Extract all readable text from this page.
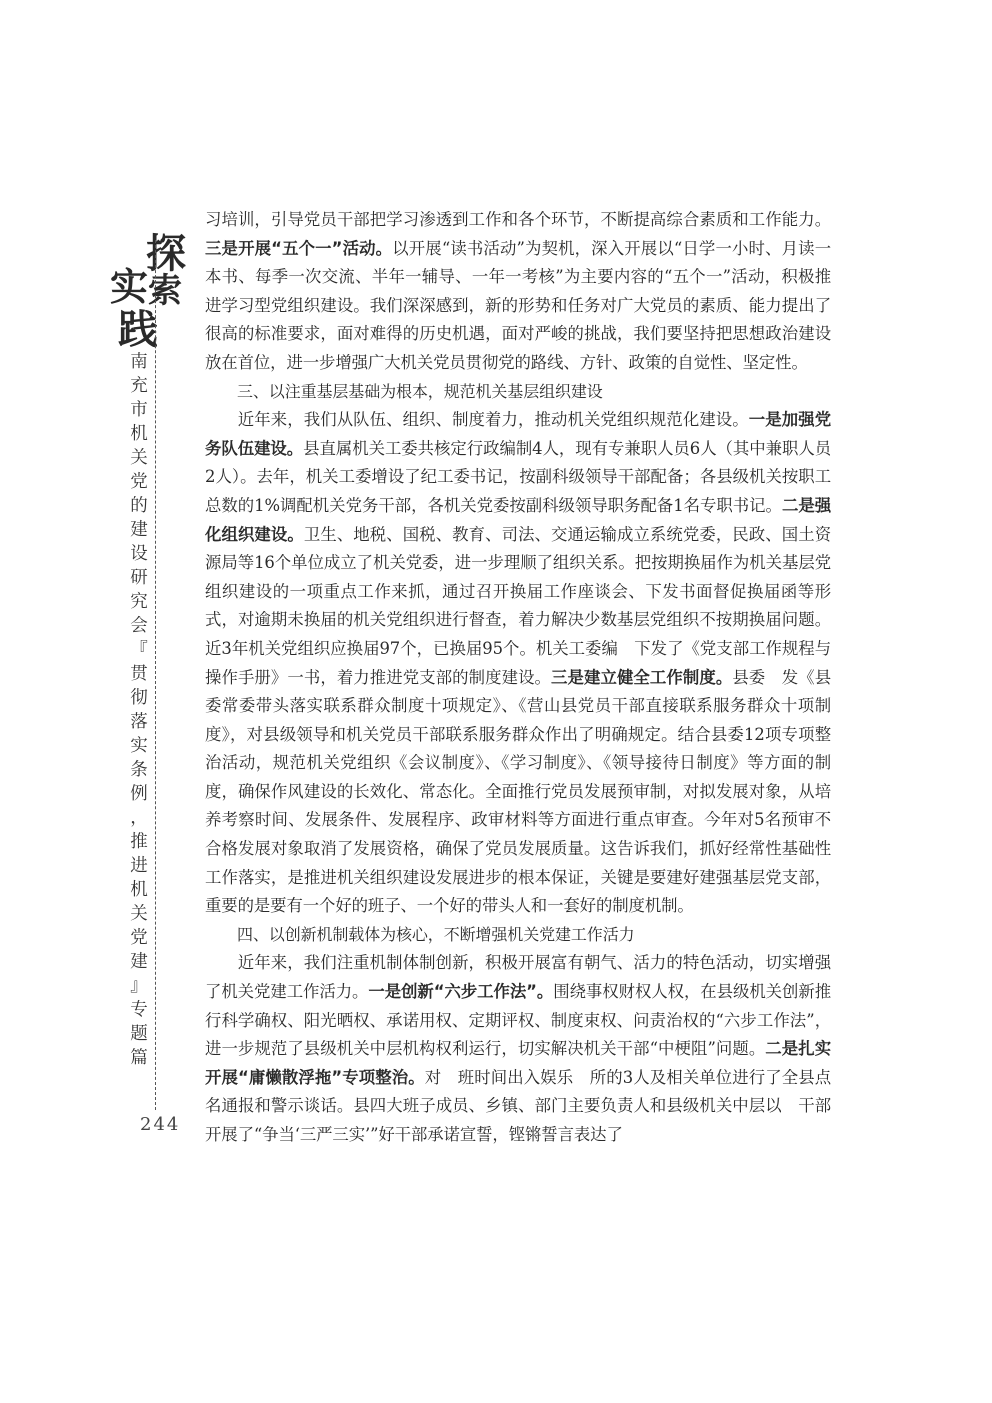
探
索
实
践
南
充
市
机
关
党
的
建
设
研
究
会
『
贯
彻
落
实
条
例
，
推
进
机
关
党
建
』
专
题
篇
244

习培训，引导党员干部把学习渗透到工作和各个环节，不断提高综合素质和工作能力。三是开展“五个一”活动。以开展“读书活动”为契机，深入开展以“日学一小时、月读一本书、每季一次交流、半年一辅导、一年一考核”为主要内容的“五个一”活动，积极推进学习型党组织建设。我们深深感到，新的形势和任务对广大党员的素质、能力提出了很高的标准要求，面对难得的历史机遇，面对严峻的挑战，我们要坚持把思想政治建设放在首位，进一步增强广大机关党员贯彻党的路线、方针、政策的自觉性、坚定性。

三、以注重基层基础为根本，规范机关基层组织建设

近年来，我们从队伍、组织、制度着力，推动机关党组织规范化建设。一是加强党务队伍建设。县直属机关工委共核定行政编制4人，现有专兼职人员6人（其中兼职人员2人）。去年，机关工委增设了纪工委书记，按副科级领导干部配备；各县级机关按职工总数的1%调配机关党务干部，各机关党委按副科级领导职务配备1名专职书记。二是强化组织建设。卫生、地税、国税、教育、司法、交通运输成立系统党委，民政、国土资源局等16个单位成立了机关党委，进一步理顺了组织关系。把按期换届作为机关基层党组织建设的一项重点工作来抓，通过召开换届工作座谈会、下发书面督促换届函等形式，对逾期未换届的机关党组织进行督查，着力解决少数基层党组织不按期换届问题。近3年机关党组织应换届97个，已换届95个。机关工委编　下发了《党支部工作规程与操作手册》一书，着力推进党支部的制度建设。三是建立健全工作制度。县委　发《县委常委带头落实联系群众制度十项规定》、《营山县党员干部直接联系服务群众十项制度》，对县级领导和机关党员干部联系服务群众作出了明确规定。结合县委12项专项整治活动，规范机关党组织《会议制度》、《学习制度》、《领导接待日制度》等方面的制度，确保作风建设的长效化、常态化。全面推行党员发展预审制，对拟发展对象，从培养考察时间、发展条件、发展程序、政审材料等方面进行重点审查。今年对5名预审不合格发展对象取消了发展资格，确保了党员发展质量。这告诉我们，抓好经常性基础性工作落实，是推进机关组织建设发展进步的根本保证，关键是要建好建强基层党支部，重要的是要有一个好的班子、一个好的带头人和一套好的制度机制。

四、以创新机制载体为核心，不断增强机关党建工作活力

近年来，我们注重机制体制创新，积极开展富有朝气、活力的特色活动，切实增强了机关党建工作活力。一是创新“六步工作法”。围绕事权财权人权，在县级机关创新推行科学确权、阳光晒权、承诺用权、定期评权、制度束权、问责治权的“六步工作法”，进一步规范了县级机关中层机构权利运行，切实解决机关干部“中梗阻”问题。二是扎实开展“庸懒散浮拖”专项整治。对　班时间出入娱乐　所的3人及相关单位进行了全县点名通报和警示谈话。县四大班子成员、乡镇、部门主要负责人和县级机关中层以　干部开展了“争当‘三严三实’”好干部承诺宣誓，铿锵誓言表达了
